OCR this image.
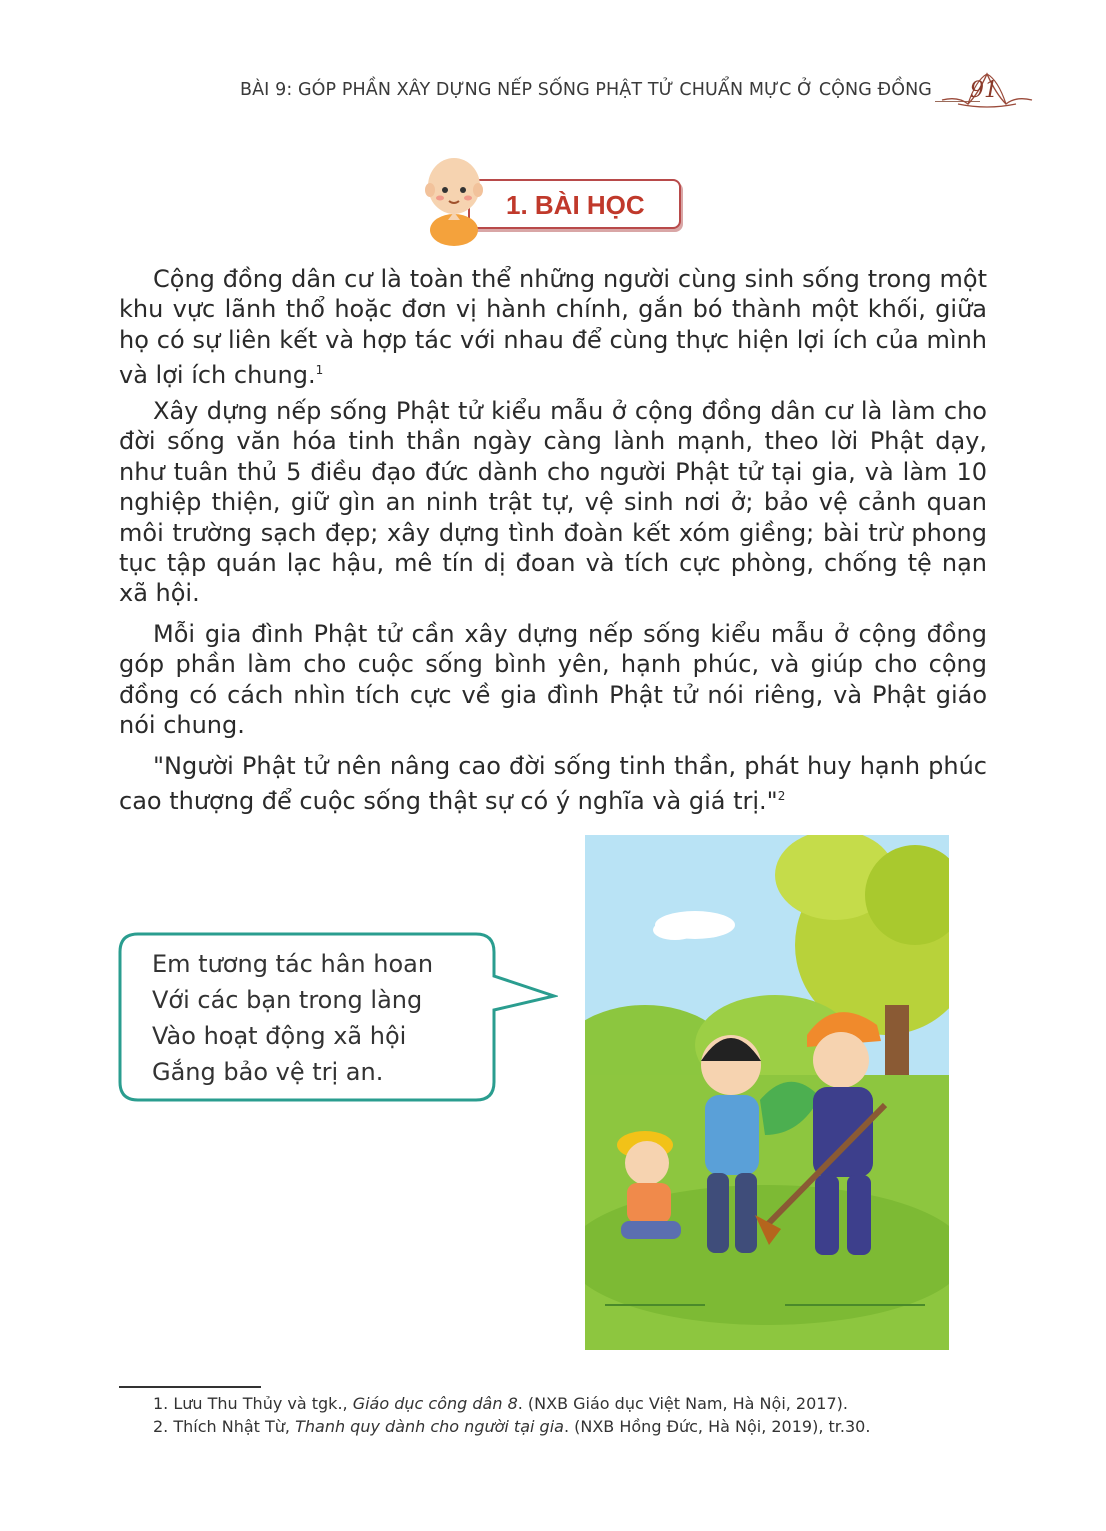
BÀI 9: GÓP PHẦN XÂY DỰNG NẾP SỐNG PHẬT TỬ CHUẨN MỰC Ở CỘNG ĐỒNG 91
1. BÀI HỌC

Cộng đồng dân cư là toàn thể những người cùng sinh sống trong một khu vực lãnh thổ hoặc đơn vị hành chính, gắn bó thành một khối, giữa họ có sự liên kết và hợp tác với nhau để cùng thực hiện lợi ích của mình và lợi ích chung.$^1$

Xây dựng nếp sống Phật tử kiểu mẫu ở cộng đồng dân cư là làm cho đời sống văn hóa tinh thần ngày càng lành mạnh, theo lời Phật dạy, như tuân thủ 5 điều đạo đức dành cho người Phật tử tại gia, và làm 10 nghiệp thiện, giữ gìn an ninh trật tự, vệ sinh nơi ở; bảo vệ cảnh quan môi trường sạch đẹp; xây dựng tình đoàn kết xóm giềng; bài trừ phong tục tập quán lạc hậu, mê tín dị đoan và tích cực phòng, chống tệ nạn xã hội.

Mỗi gia đình Phật tử cần xây dựng nếp sống kiểu mẫu ở cộng đồng góp phần làm cho cuộc sống bình yên, hạnh phúc, và giúp cho cộng đồng có cách nhìn tích cực về gia đình Phật tử nói riêng, và Phật giáo nói chung.

"Người Phật tử nên nâng cao đời sống tinh thần, phát huy hạnh phúc cao thượng để cuộc sống thật sự có ý nghĩa và giá trị."$^2$

Em tương tác hân hoan
Với các bạn trong làng
Vào hoạt động xã hội
Gắng bảo vệ trị an.
1. Lưu Thu Thủy và tgk., Giáo dục công dân 8. (NXB Giáo dục Việt Nam, Hà Nội, 2017).
2. Thích Nhật Từ, Thanh quy dành cho người tại gia. (NXB Hồng Đức, Hà Nội, 2019), tr.30.
